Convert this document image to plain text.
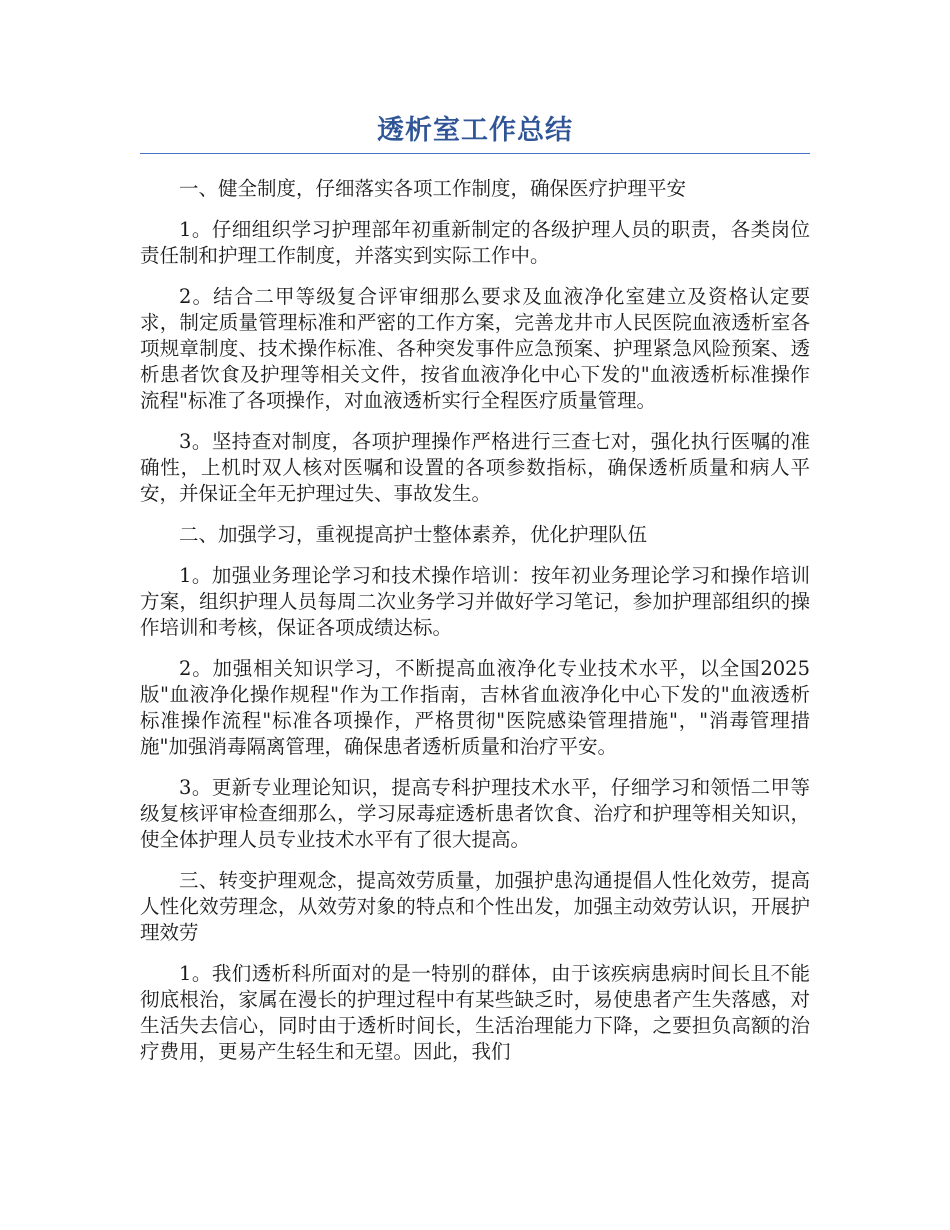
透析室工作总结

一、健全制度，仔细落实各项工作制度，确保医疗护理平安

1。仔细组织学习护理部年初重新制定的各级护理人员的职责，各类岗位责任制和护理工作制度，并落实到实际工作中。

2。结合二甲等级复合评审细那么要求及血液净化室建立及资格认定要求，制定质量管理标准和严密的工作方案，完善龙井市人民医院血液透析室各项规章制度、技术操作标准、各种突发事件应急预案、护理紧急风险预案、透析患者饮食及护理等相关文件，按省血液净化中心下发的"血液透析标准操作流程"标准了各项操作，对血液透析实行全程医疗质量管理。

3。坚持查对制度，各项护理操作严格进行三查七对，强化执行医嘱的准确性，上机时双人核对医嘱和设置的各项参数指标，确保透析质量和病人平安，并保证全年无护理过失、事故发生。

二、加强学习，重视提高护士整体素养，优化护理队伍

1。加强业务理论学习和技术操作培训：按年初业务理论学习和操作培训方案，组织护理人员每周二次业务学习并做好学习笔记，参加护理部组织的操作培训和考核，保证各项成绩达标。

2。加强相关知识学习，不断提高血液净化专业技术水平，以全国2025版"血液净化操作规程"作为工作指南，吉林省血液净化中心下发的"血液透析标准操作流程"标准各项操作，严格贯彻"医院感染管理措施"，"消毒管理措施"加强消毒隔离管理，确保患者透析质量和治疗平安。

3。更新专业理论知识，提高专科护理技术水平，仔细学习和领悟二甲等级复核评审检查细那么，学习尿毒症透析患者饮食、治疗和护理等相关知识，使全体护理人员专业技术水平有了很大提高。

三、转变护理观念，提高效劳质量，加强护患沟通提倡人性化效劳，提高人性化效劳理念，从效劳对象的特点和个性出发，加强主动效劳认识，开展护理效劳

1。我们透析科所面对的是一特别的群体，由于该疾病患病时间长且不能彻底根治，家属在漫长的护理过程中有某些缺乏时，易使患者产生失落感，对生活失去信心，同时由于透析时间长，生活治理能力下降，之要担负高额的治疗费用，更易产生轻生和无望。因此，我们
